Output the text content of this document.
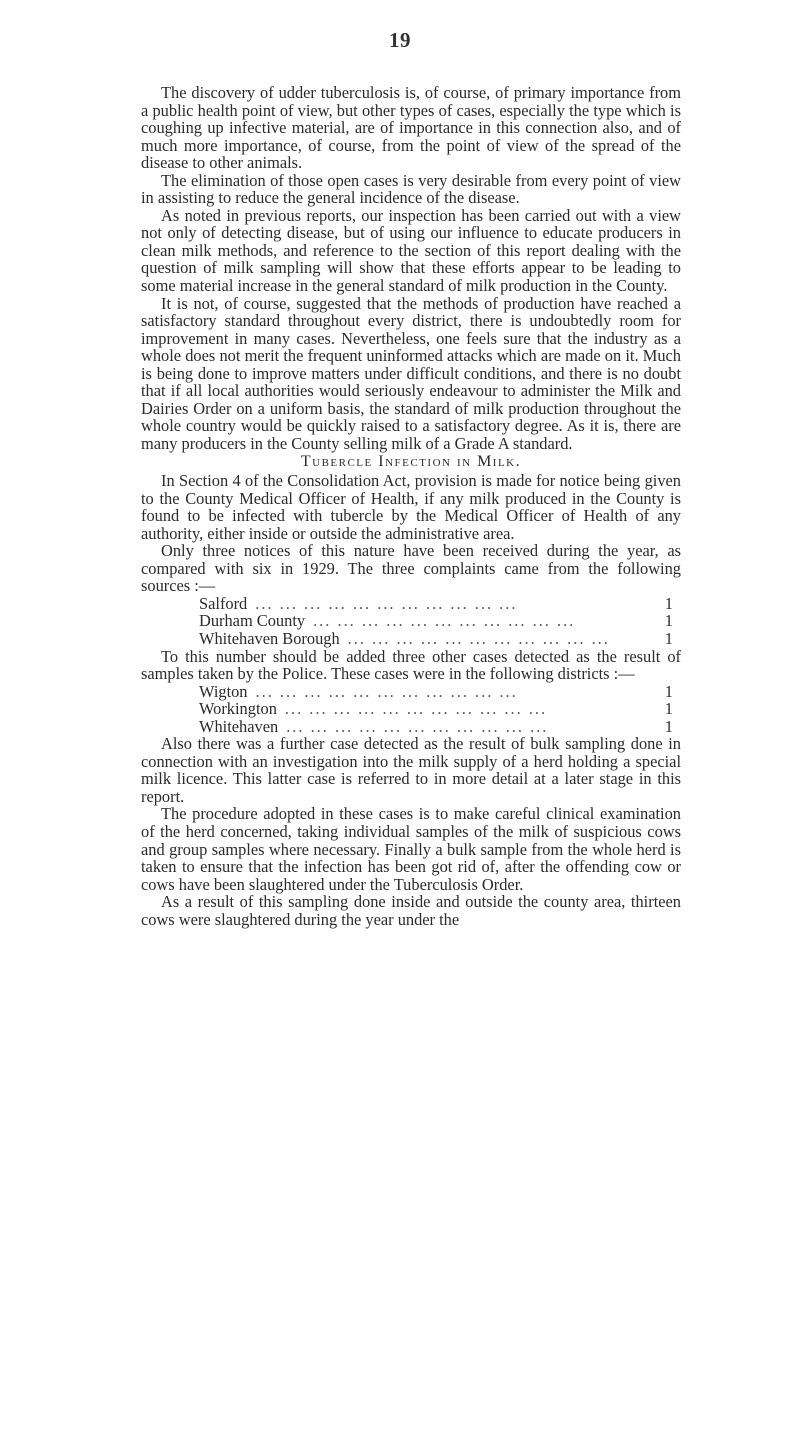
19

The discovery of udder tuberculosis is, of course, of primary importance from a public health point of view, but other types of cases, especially the type which is coughing up infective material, are of importance in this connection also, and of much more importance, of course, from the point of view of the spread of the disease to other animals.

The elimination of those open cases is very desirable from every point of view in assisting to reduce the general incidence of the disease.

As noted in previous reports, our inspection has been carried out with a view not only of detecting disease, but of using our influence to educate producers in clean milk methods, and reference to the section of this report dealing with the question of milk sampling will show that these efforts appear to be leading to some material increase in the general standard of milk production in the County.

It is not, of course, suggested that the methods of production have reached a satisfactory standard throughout every district, there is undoubtedly room for improvement in many cases. Nevertheless, one feels sure that the industry as a whole does not merit the frequent uninformed attacks which are made on it. Much is being done to improve matters under difficult conditions, and there is no doubt that if all local authorities would seriously endeavour to administer the Milk and Dairies Order on a uniform basis, the standard of milk production throughout the whole country would be quickly raised to a satisfactory degree. As it is, there are many producers in the County selling milk of a Grade A standard.

Tubercle Infection in Milk.

In Section 4 of the Consolidation Act, provision is made for notice being given to the County Medical Officer of Health, if any milk produced in the County is found to be infected with tubercle by the Medical Officer of Health of any authority, either inside or outside the administrative area.

Only three notices of this nature have been received during the year, as compared with six in 1929. The three complaints came from the following sources :—

Salford ... ... ... ... ... ... ... ... ... ... ...	1
Durham County ... ... ... ... ... ... ... ... ... ... ...	1
Whitehaven Borough ... ... ... ... ... ... ... ... ... ... ...	1

To this number should be added three other cases detected as the result of samples taken by the Police. These cases were in the following districts :—

Wigton ... ... ... ... ... ... ... ... ... ... ...	1
Workington ... ... ... ... ... ... ... ... ... ... ...	1
Whitehaven ... ... ... ... ... ... ... ... ... ... ...	1

Also there was a further case detected as the result of bulk sampling done in connection with an investigation into the milk supply of a herd holding a special milk licence. This latter case is referred to in more detail at a later stage in this report.

The procedure adopted in these cases is to make careful clinical examination of the herd concerned, taking individual samples of the milk of suspicious cows and group samples where necessary. Finally a bulk sample from the whole herd is taken to ensure that the infection has been got rid of, after the offending cow or cows have been slaughtered under the Tuberculosis Order.

As a result of this sampling done inside and outside the county area, thirteen cows were slaughtered during the year under the
